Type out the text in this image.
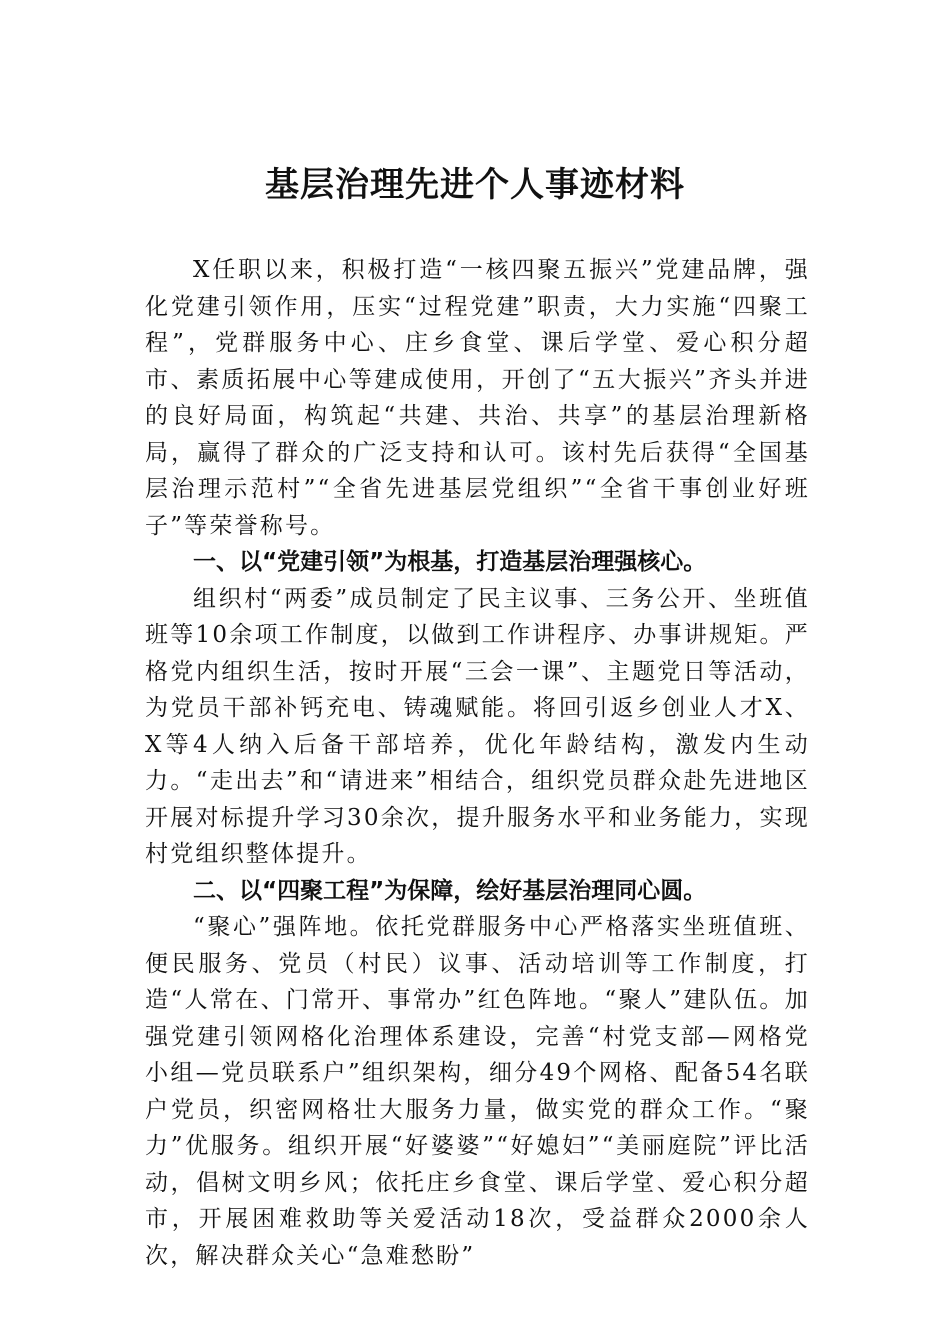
基层治理先进个人事迹材料

X任职以来，积极打造“一核四聚五振兴”党建品牌，强化党建引领作用，压实“过程党建”职责，大力实施“四聚工程”，党群服务中心、庄乡食堂、课后学堂、爱心积分超市、素质拓展中心等建成使用，开创了“五大振兴”齐头并进的良好局面，构筑起“共建、共治、共享”的基层治理新格局，赢得了群众的广泛支持和认可。该村先后获得“全国基层治理示范村”“全省先进基层党组织”“全省干事创业好班子”等荣誉称号。

一、以“党建引领”为根基，打造基层治理强核心。

组织村“两委”成员制定了民主议事、三务公开、坐班值班等10余项工作制度，以做到工作讲程序、办事讲规矩。严格党内组织生活，按时开展“三会一课”、主题党日等活动，为党员干部补钙充电、铸魂赋能。将回引返乡创业人才X、X等4人纳入后备干部培养，优化年龄结构，激发内生动力。“走出去”和“请进来”相结合，组织党员群众赴先进地区开展对标提升学习30余次，提升服务水平和业务能力，实现村党组织整体提升。

二、以“四聚工程”为保障，绘好基层治理同心圆。

“聚心”强阵地。依托党群服务中心严格落实坐班值班、便民服务、党员（村民）议事、活动培训等工作制度，打造“人常在、门常开、事常办”红色阵地。“聚人”建队伍。加强党建引领网格化治理体系建设，完善“村党支部—网格党小组—党员联系户”组织架构，细分49个网格、配备54名联户党员，织密网格壮大服务力量，做实党的群众工作。“聚力”优服务。组织开展“好婆婆”“好媳妇”“美丽庭院”评比活动，倡树文明乡风；依托庄乡食堂、课后学堂、爱心积分超市，开展困难救助等关爱活动18次，受益群众2000余人次，解决群众关心“急难愁盼”
